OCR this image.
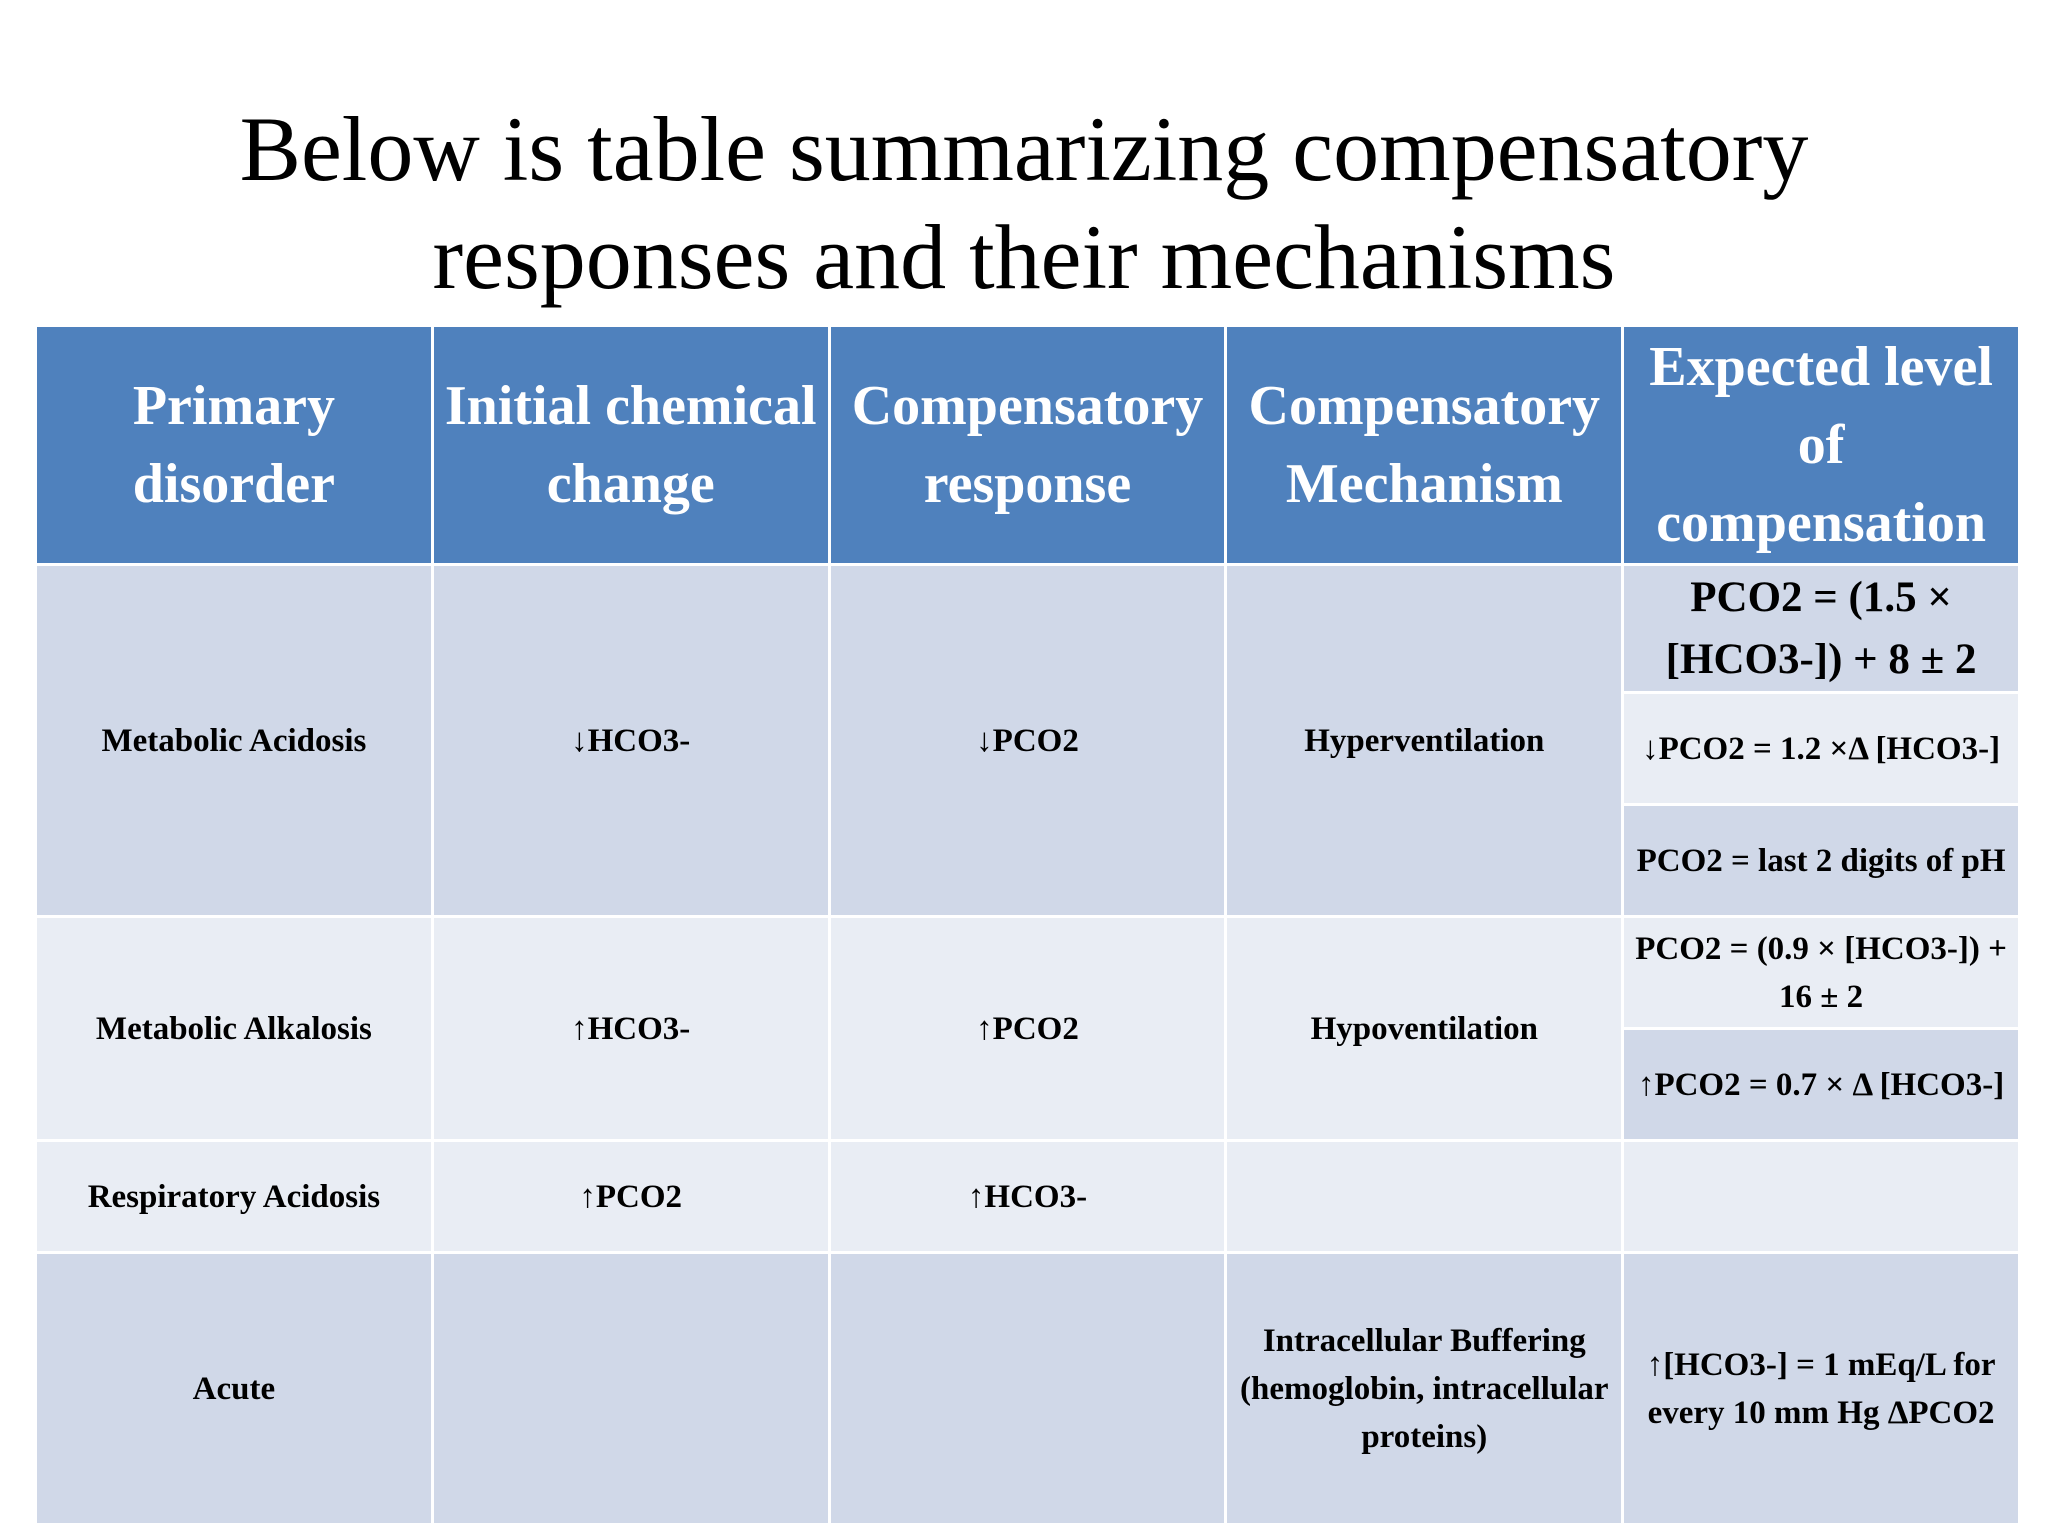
Below is table summarizing compensatory
responses and their mechanisms
Primary disorder	Initial chemical change	Compensatory response	Compensatory Mechanism	Expected level of compensation
Metabolic Acidosis	↓HCO3-	↓PCO2	Hyperventilation	PCO2 = (1.5 × [HCO3-]) + 8 ± 2
				↓PCO2 = 1.2 ×Δ [HCO3-]
				PCO2 = last 2 digits of pH
Metabolic Alkalosis	↑HCO3-	↑PCO2	Hypoventilation	PCO2 = (0.9 × [HCO3-]) + 16 ± 2
				↑PCO2 = 0.7 × Δ [HCO3-]
Respiratory Acidosis	↑PCO2	↑HCO3-		
Acute			Intracellular Buffering (hemoglobin, intracellular proteins)	↑[HCO3-] = 1 mEq/L for every 10 mm Hg ΔPCO2
